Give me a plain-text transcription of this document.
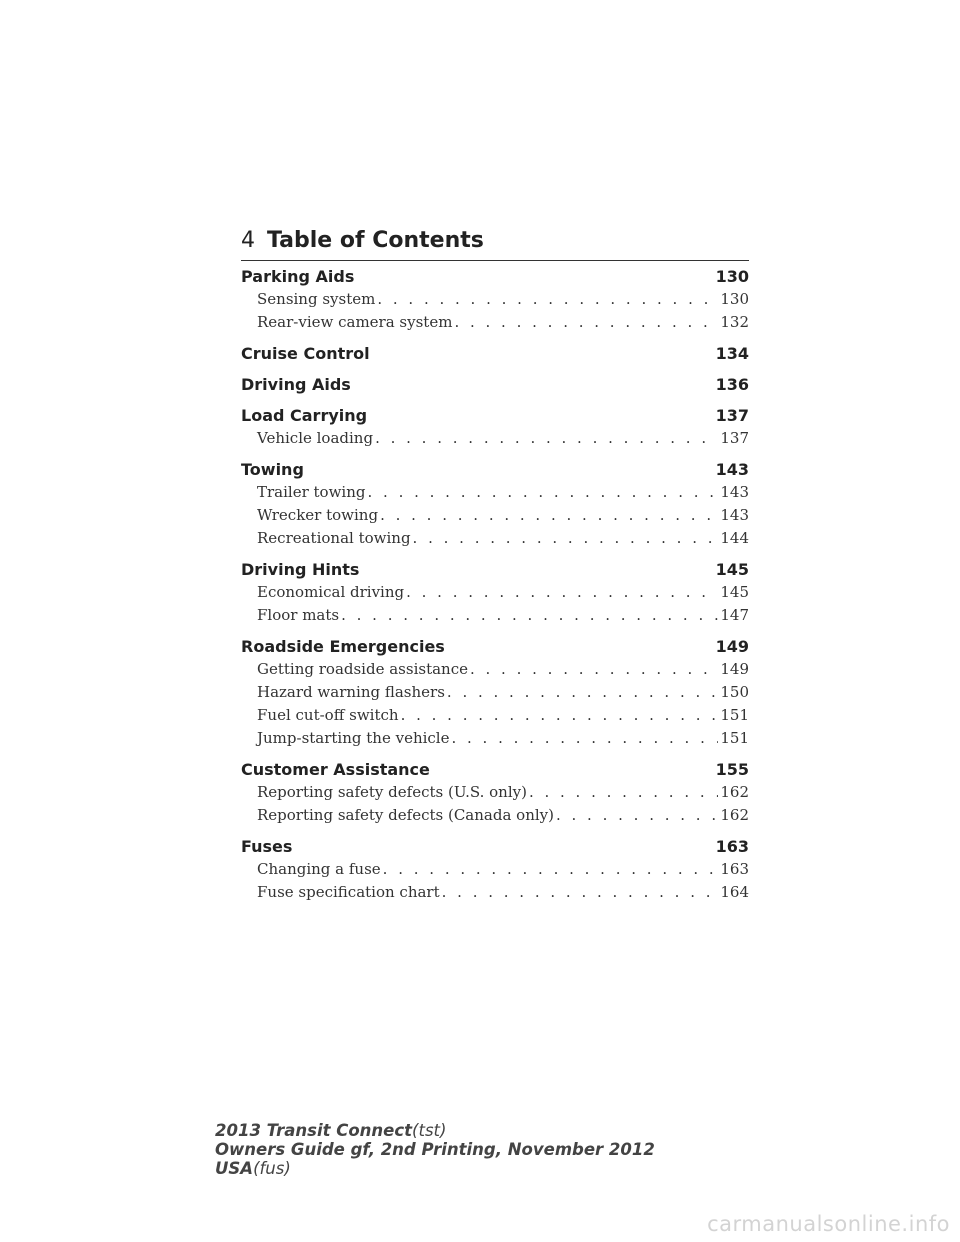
4 Table of Contents
Parking Aids	130
Sensing system . . .	130
Rear-view camera system . . .	132
Cruise Control	134
Driving Aids	136
Load Carrying	137
Vehicle loading . . .	137
Towing	143
Trailer towing . . .	143
Wrecker towing . . .	143
Recreational towing . . .	144
Driving Hints	145
Economical driving . . .	145
Floor mats . . .	147
Roadside Emergencies	149
Getting roadside assistance . . .	149
Hazard warning flashers . . .	150
Fuel cut-off switch . . .	151
Jump-starting the vehicle . . .	151
Customer Assistance	155
Reporting safety defects (U.S. only) . . .	162
Reporting safety defects (Canada only) . . .	162
Fuses	163
Changing a fuse . . .	163
Fuse specification chart . . .	164
2013 Transit Connect(tst)
Owners Guide gf, 2nd Printing, November 2012
USA(fus)
carmanualsonline.info
